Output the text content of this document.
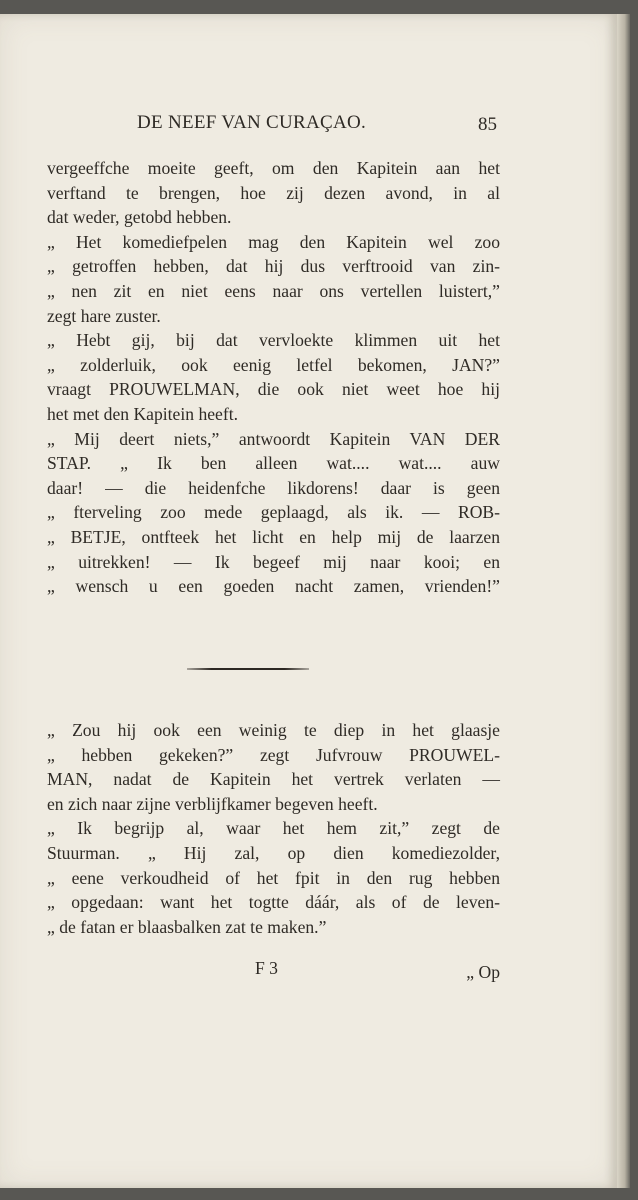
DE NEEF VAN CURAÇAO.	85
vergeeffche moeite geeft, om den Kapitein aan het
verftand te brengen, hoe zij dezen avond, in al
dat weder, getobd hebben.
„ Het komediefpelen mag den Kapitein wel zoo
„ getroffen hebben, dat hij dus verftrooid van zin-
„ nen zit en niet eens naar ons vertellen luistert,”
zegt hare zuster.
„ Hebt gij, bij dat vervloekte klimmen uit het
„ zolderluik, ook eenig letfel bekomen, JAN?”
vraagt PROUWELMAN, die ook niet weet hoe hij
het met den Kapitein heeft.
„ Mij deert niets,” antwoordt Kapitein VAN DER
STAP. „ Ik ben alleen wat.... wat.... auw
daar! — die heidenfche likdorens! daar is geen
„ fterveling zoo mede geplaagd, als ik. — ROB-
„ BETJE, ontfteek het licht en help mij de laarzen
„ uitrekken! — Ik begeef mij naar kooi; en
„ wensch u een goeden nacht zamen, vrienden!”
„ Zou hij ook een weinig te diep in het glaasje
„ hebben gekeken?” zegt Jufvrouw PROUWEL-
MAN, nadat de Kapitein het vertrek verlaten —
en zich naar zijne verblijfkamer begeven heeft.
„ Ik begrijp al, waar het hem zit,” zegt de
Stuurman. „ Hij zal, op dien komediezolder,
„ eene verkoudheid of het fpit in den rug hebben
„ opgedaan: want het togtte dáár, als of de leven-
„ de fatan er blaasbalken zat te maken.”
F 3	„ Op
